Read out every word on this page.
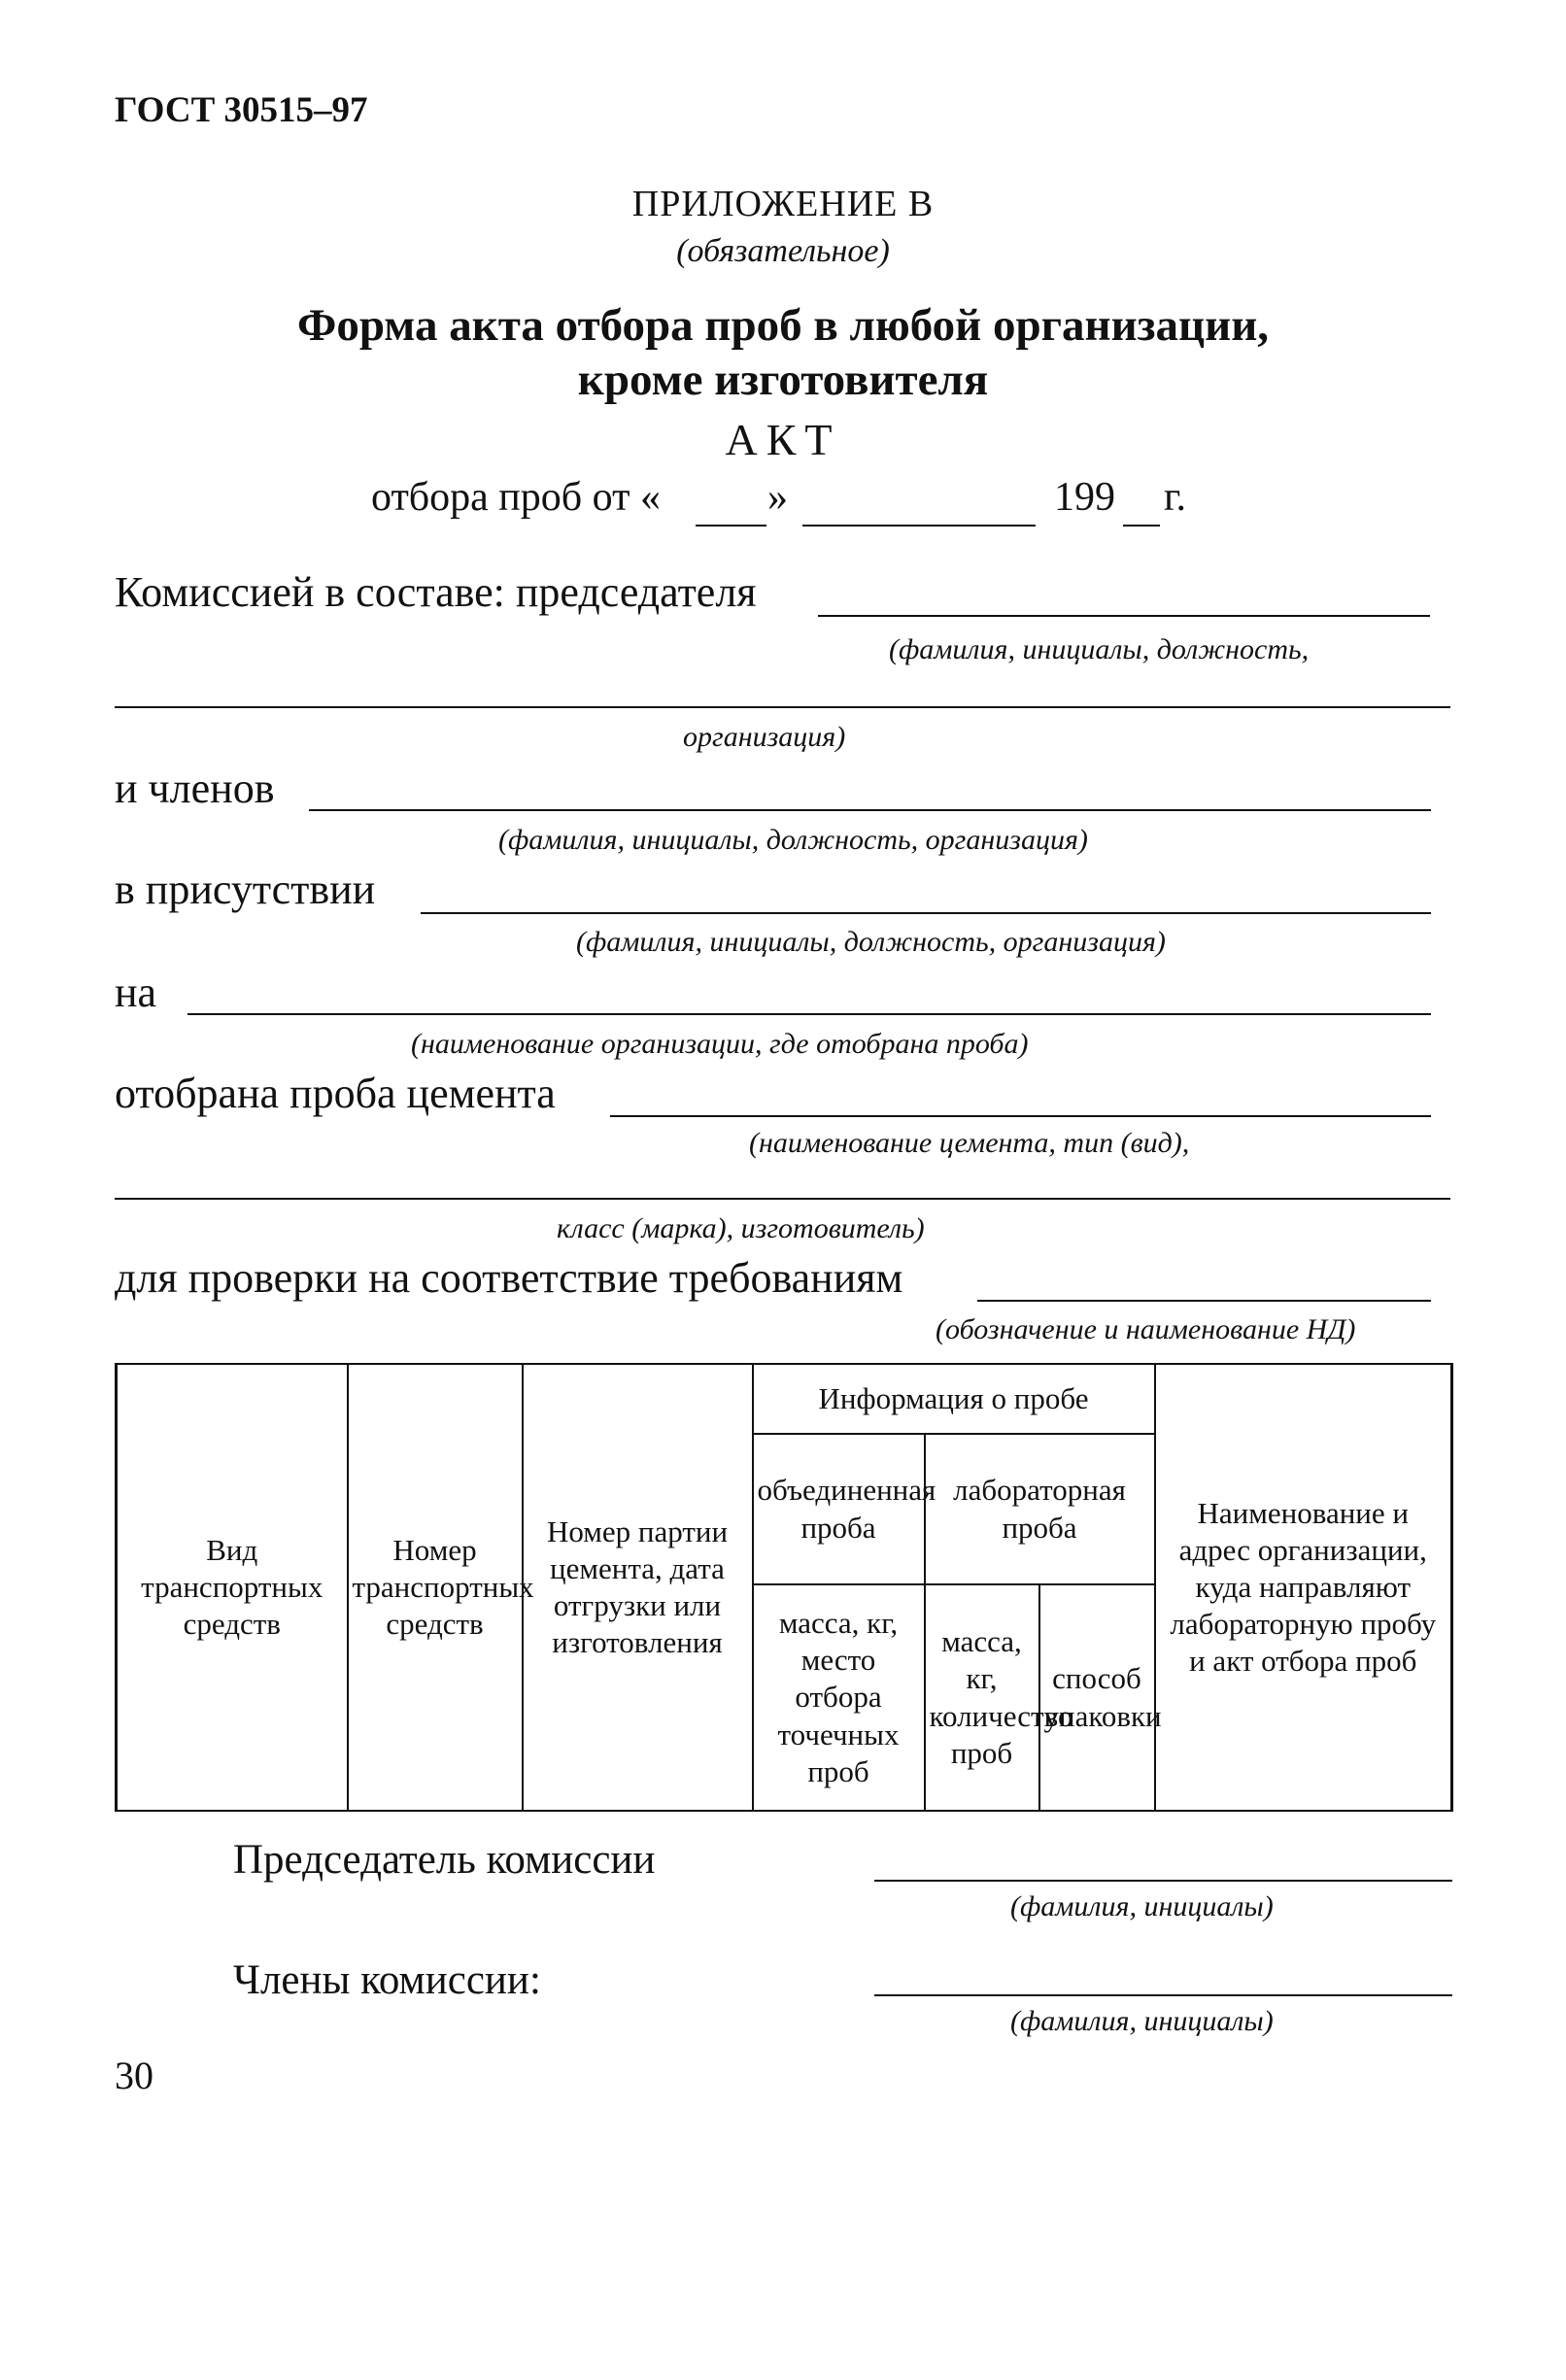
ГОСТ 30515–97
ПРИЛОЖЕНИЕ В
(обязательное)
Форма акта отбора проб в любой организации,
кроме изготовителя
АКТ
отбора проб от «	»	199 г.
Комиссией в составе: председателя
(фамилия, инициалы, должность,
организация)
и членов
(фамилия, инициалы, должность, организация)
в присутствии
(фамилия, инициалы, должность, организация)
на
(наименование организации, где отобрана проба)
отобрана проба цемента
(наименование цемента, тип (вид),
класс (марка), изготовитель)
для проверки на соответствие требованиям
(обозначение и наименование НД)
Вид транспортных средств	Номер транспортных средств	Номер партии цемента, дата отгрузки или изготовления	Информация о пробе			Наименование и адрес организации, куда направляют лабораторную пробу и акт отбора проб
			объединенная проба	лабораторная проба		
			масса, кг, место отбора точечных проб	масса, кг, количество проб	способ упаковки	
Председатель комиссии
(фамилия, инициалы)
Члены комиссии:
(фамилия, инициалы)
30
